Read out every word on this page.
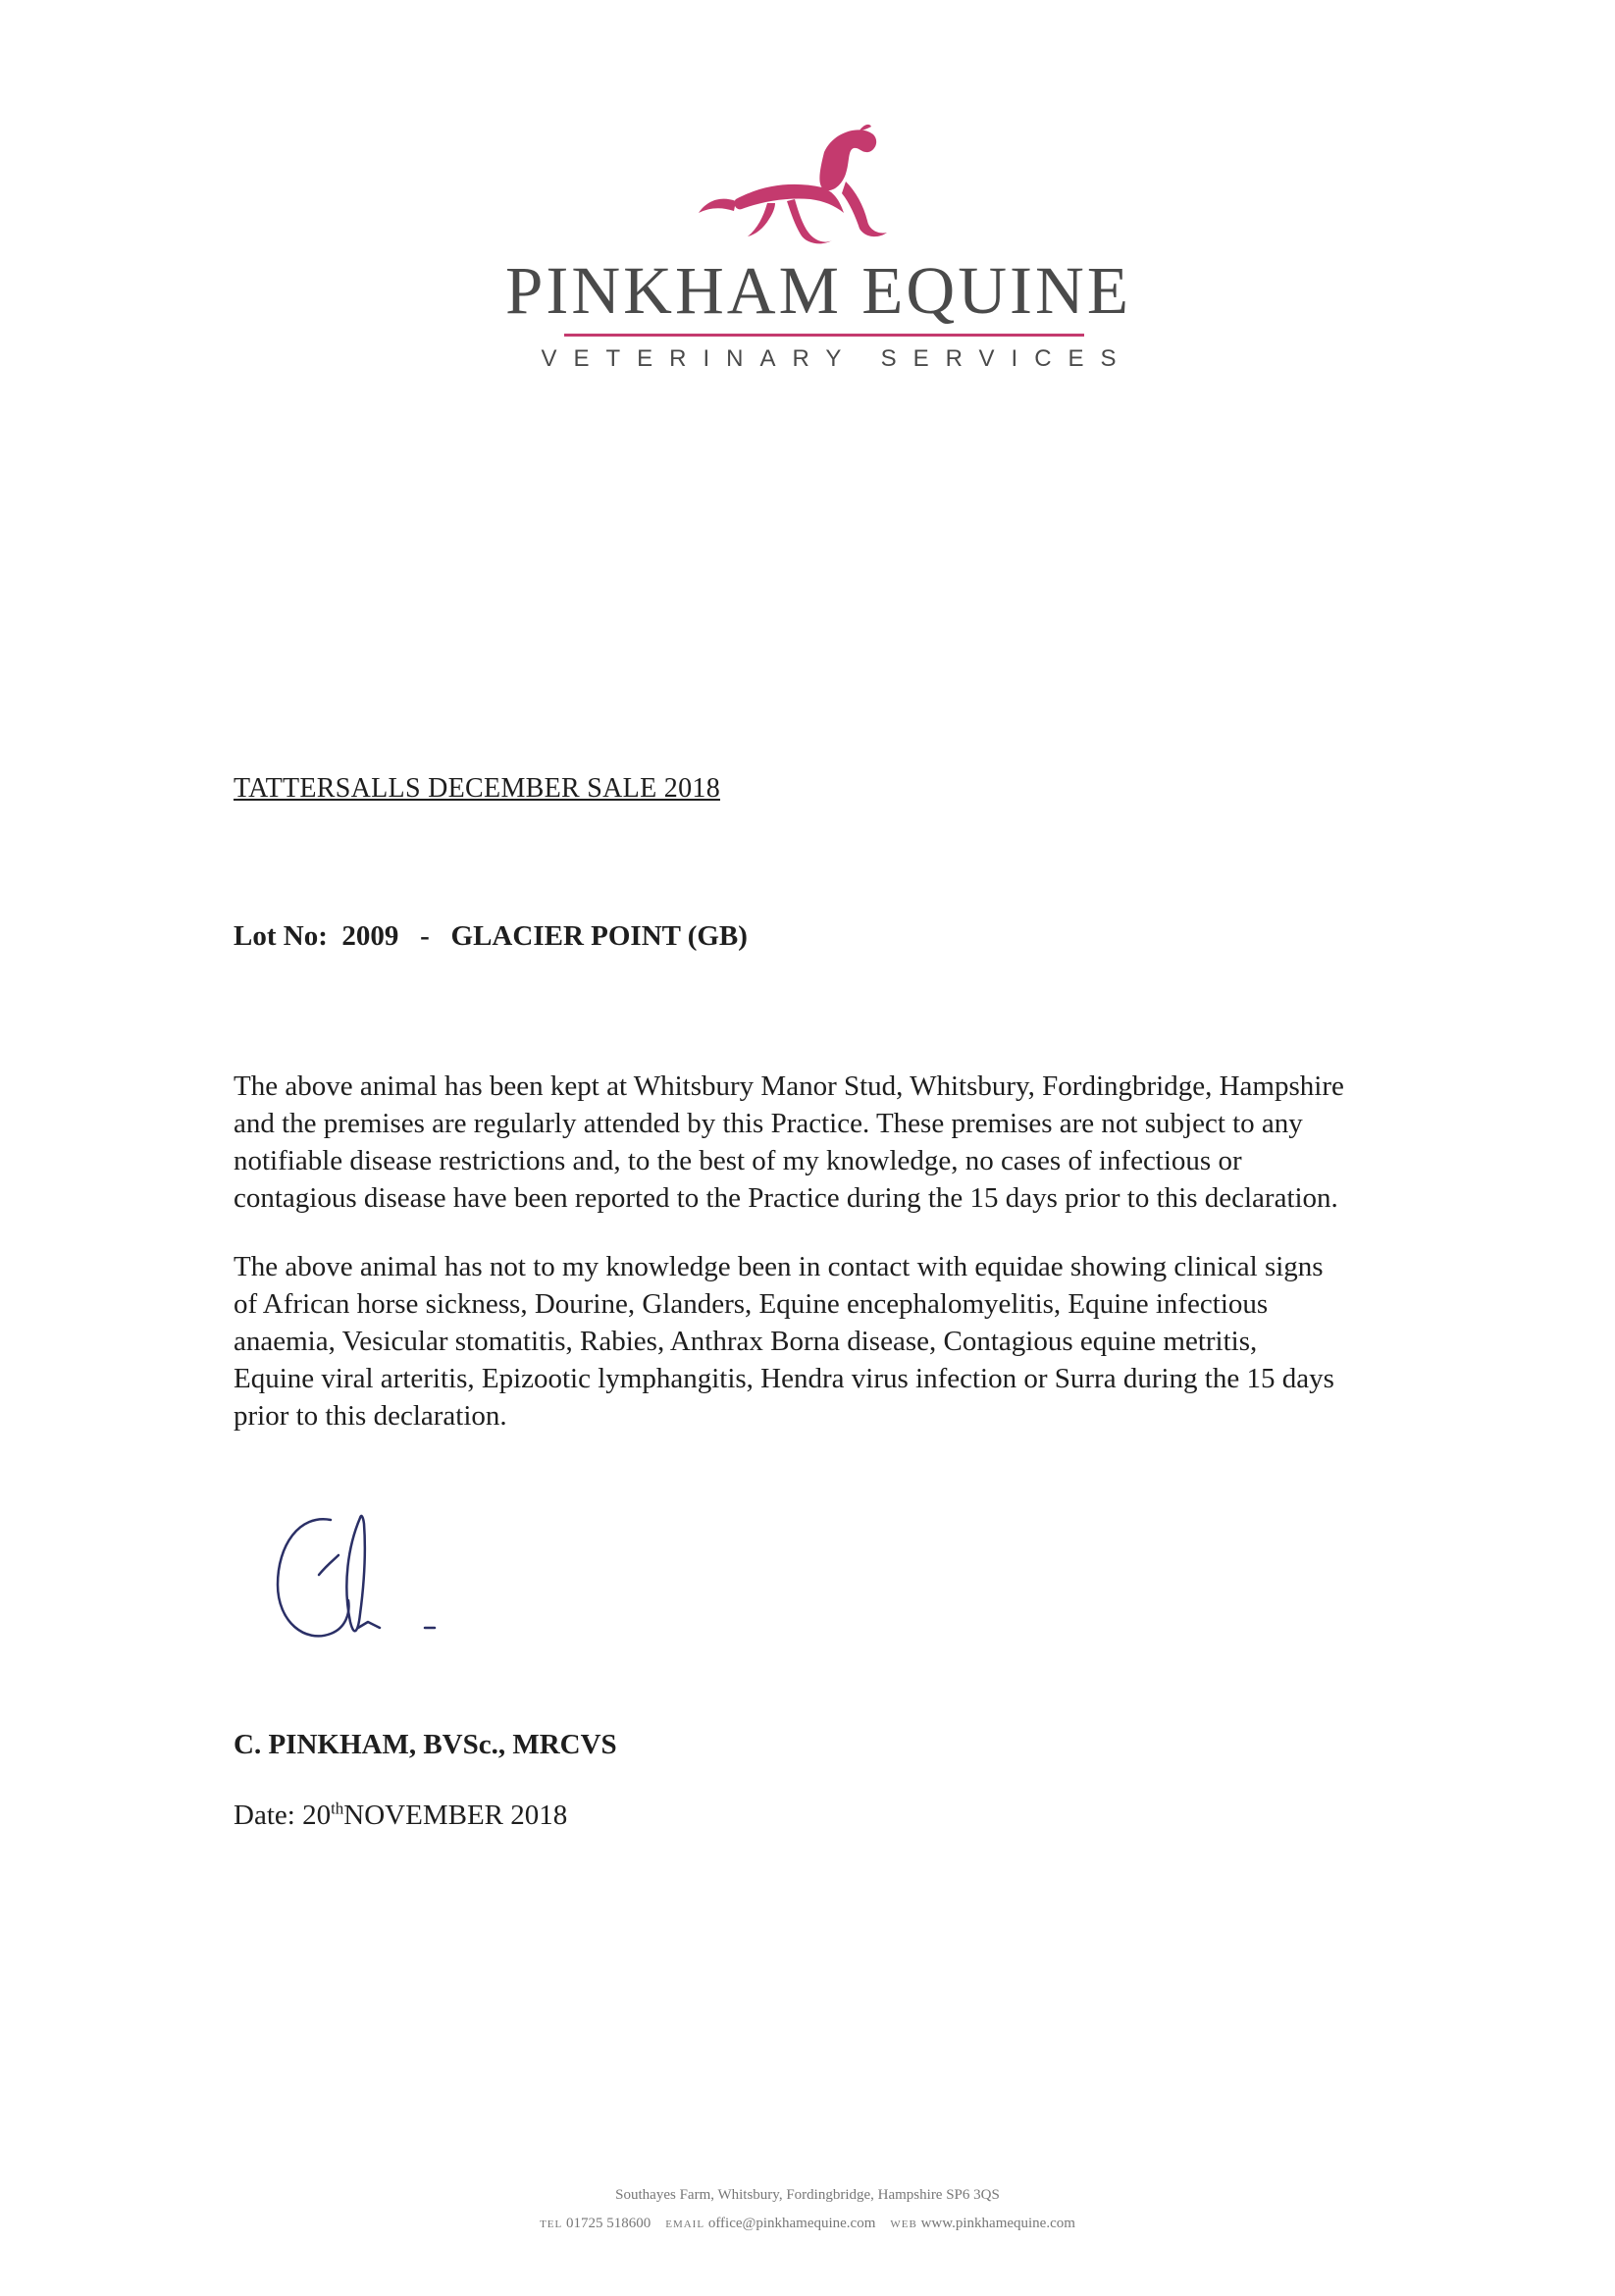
PINKHAM EQUINE
VETERINARY SERVICES
TATTERSALLS DECEMBER SALE 2018
Lot No: 2009 - GLACIER POINT (GB)
The above animal has been kept at Whitsbury Manor Stud, Whitsbury, Fordingbridge, Hampshire
and the premises are regularly attended by this Practice. These premises are not subject to any
notifiable disease restrictions and, to the best of my knowledge, no cases of infectious or
contagious disease have been reported to the Practice during the 15 days prior to this declaration.
The above animal has not to my knowledge been in contact with equidae showing clinical signs
of African horse sickness, Dourine, Glanders, Equine encephalomyelitis, Equine infectious
anaemia, Vesicular stomatitis, Rabies, Anthrax Borna disease, Contagious equine metritis,
Equine viral arteritis, Epizootic lymphangitis, Hendra virus infection or Surra during the 15 days
prior to this declaration.
C. PINKHAM, BVSc., MRCVS
Date: 20thNOVEMBER 2018
Southayes Farm, Whitsbury, Fordingbridge, Hampshire SP6 3QS
TEL 01725 518600 EMAIL office@pinkhamequine.com WEB www.pinkhamequine.com
